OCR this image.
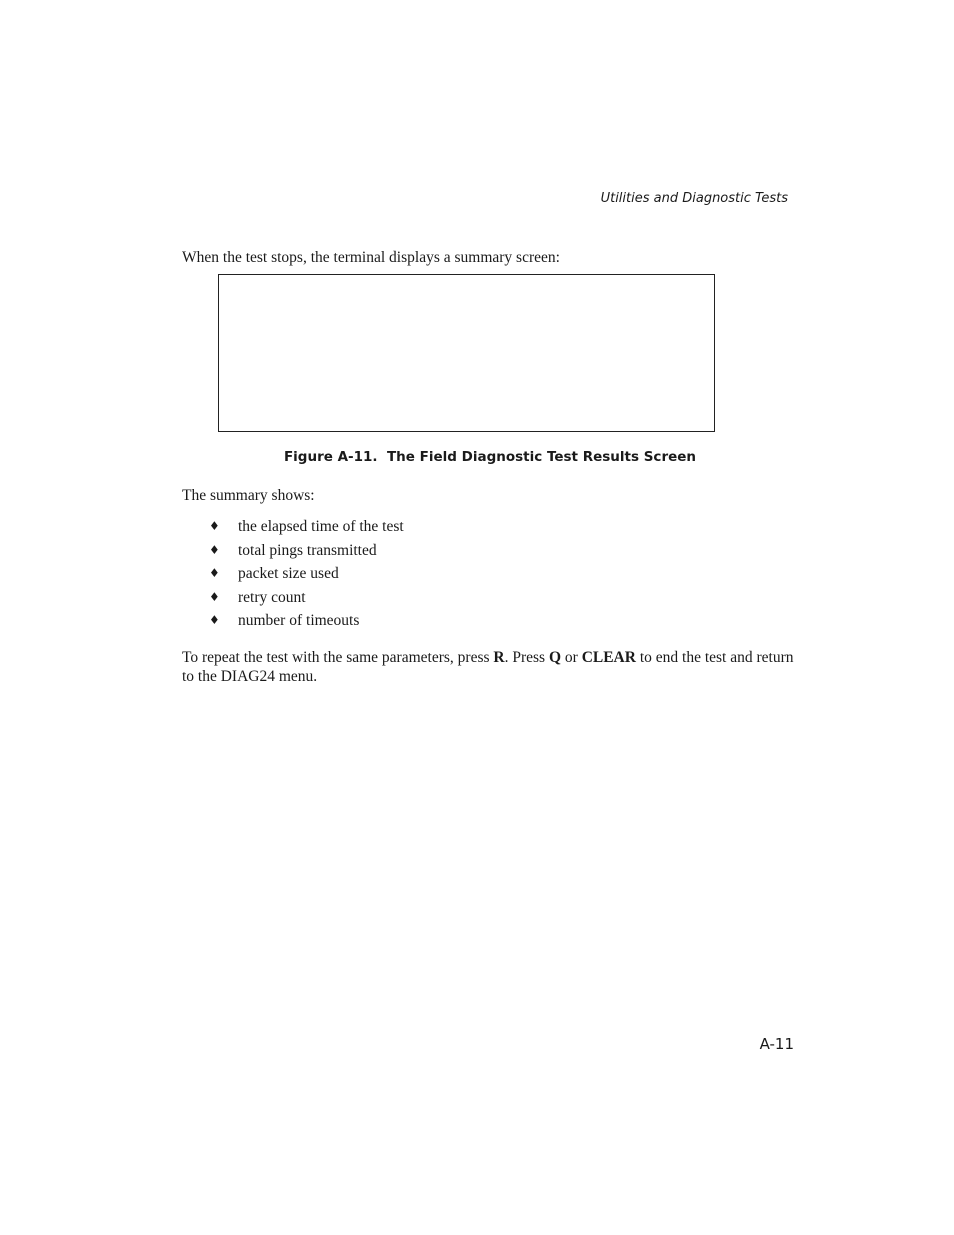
Utilities and Diagnostic Tests

When the test stops, the terminal displays a summary screen:

Figure A-11.  The Field Diagnostic Test Results Screen

The summary shows:

♦ the elapsed time of the test
♦ total pings transmitted
♦ packet size used
♦ retry count
♦ number of timeouts

To repeat the test with the same parameters, press R. Press Q or CLEAR to end the test and return to the DIAG24 menu.

A-11
